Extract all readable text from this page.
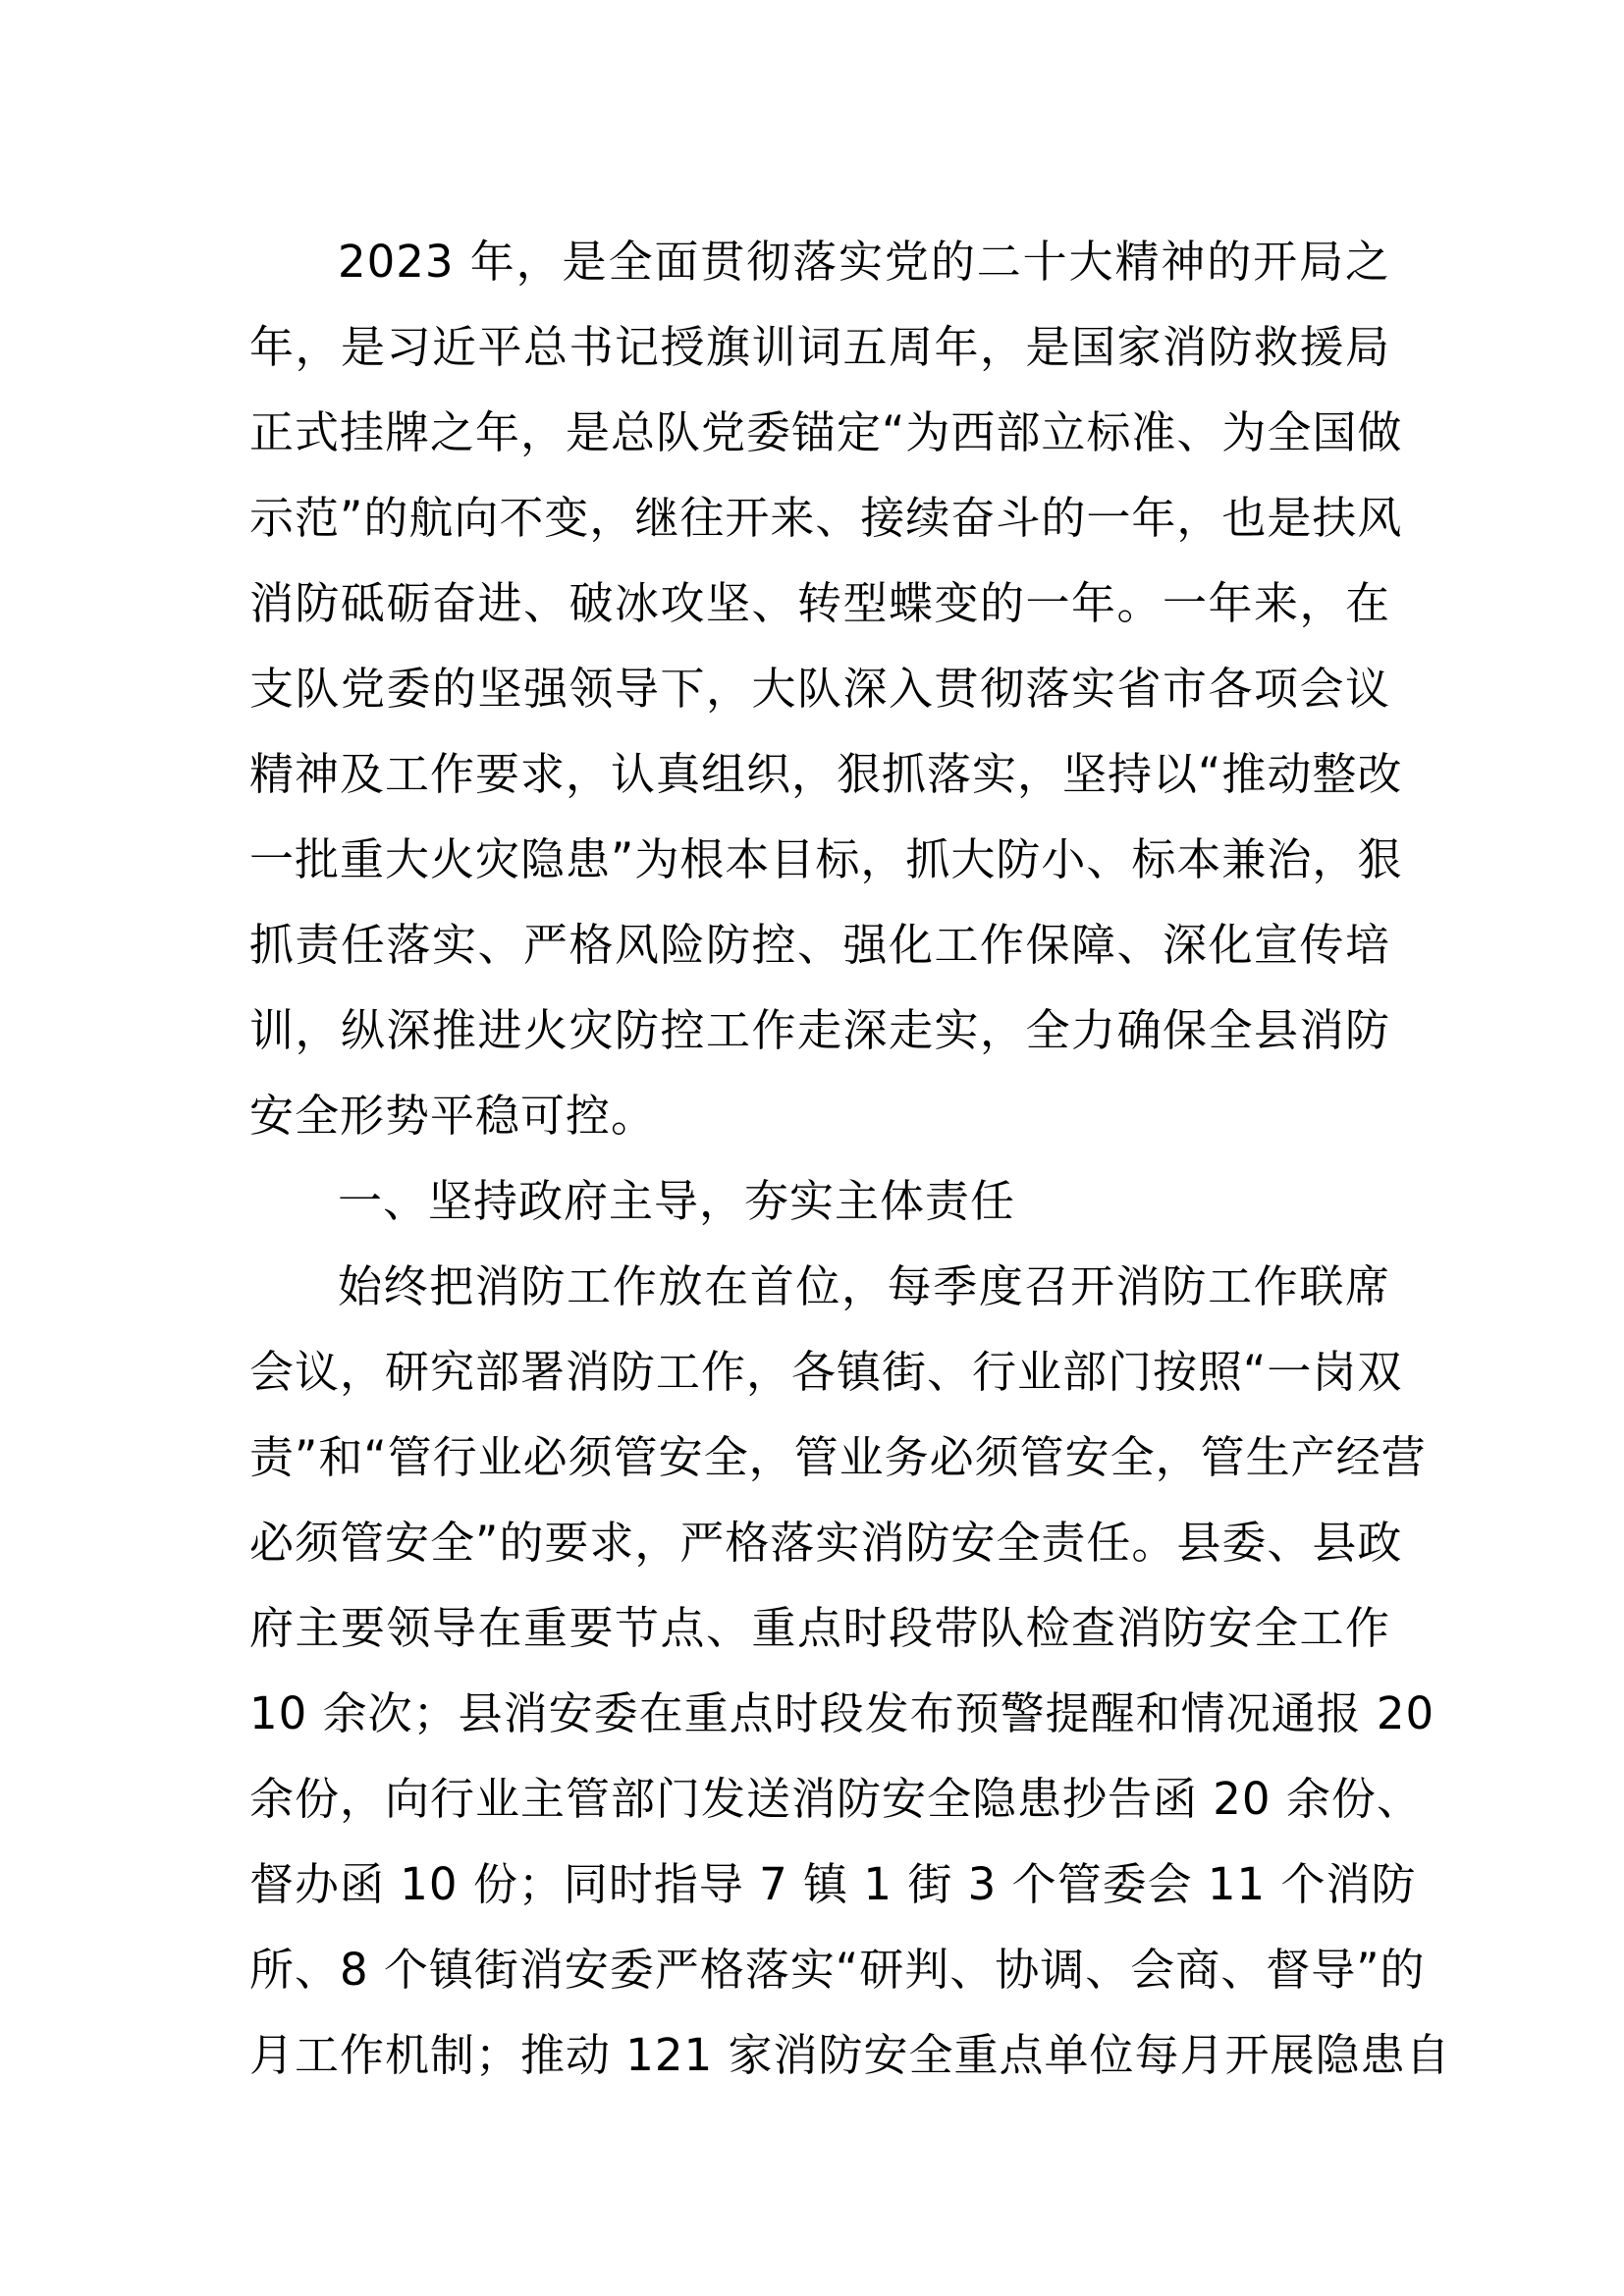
2023 年，是全面贯彻落实党的二十大精神的开局之
年，是习近平总书记授旗训词五周年，是国家消防救援局
正式挂牌之年，是总队党委锚定“为西部立标准、为全国做
示范”的航向不变，继往开来、接续奋斗的一年，也是扶风
消防砥砺奋进、破冰攻坚、转型蝶变的一年。一年来，在
支队党委的坚强领导下，大队深入贯彻落实省市各项会议
精神及工作要求，认真组织，狠抓落实，坚持以“推动整改
一批重大火灾隐患”为根本目标，抓大防小、标本兼治，狠
抓责任落实、严格风险防控、强化工作保障、深化宣传培
训，纵深推进火灾防控工作走深走实，全力确保全县消防
安全形势平稳可控。
一、坚持政府主导，夯实主体责任
始终把消防工作放在首位，每季度召开消防工作联席
会议，研究部署消防工作，各镇街、行业部门按照“一岗双
责”和“管行业必须管安全，管业务必须管安全，管生产经营
必须管安全”的要求，严格落实消防安全责任。县委、县政
府主要领导在重要节点、重点时段带队检查消防安全工作
10 余次；县消安委在重点时段发布预警提醒和情况通报 20
余份，向行业主管部门发送消防安全隐患抄告函 20 余份、
督办函 10 份；同时指导 7 镇 1 街 3 个管委会 11 个消防
所、8 个镇街消安委严格落实“研判、协调、会商、督导”的
月工作机制；推动 121 家消防安全重点单位每月开展隐患自
